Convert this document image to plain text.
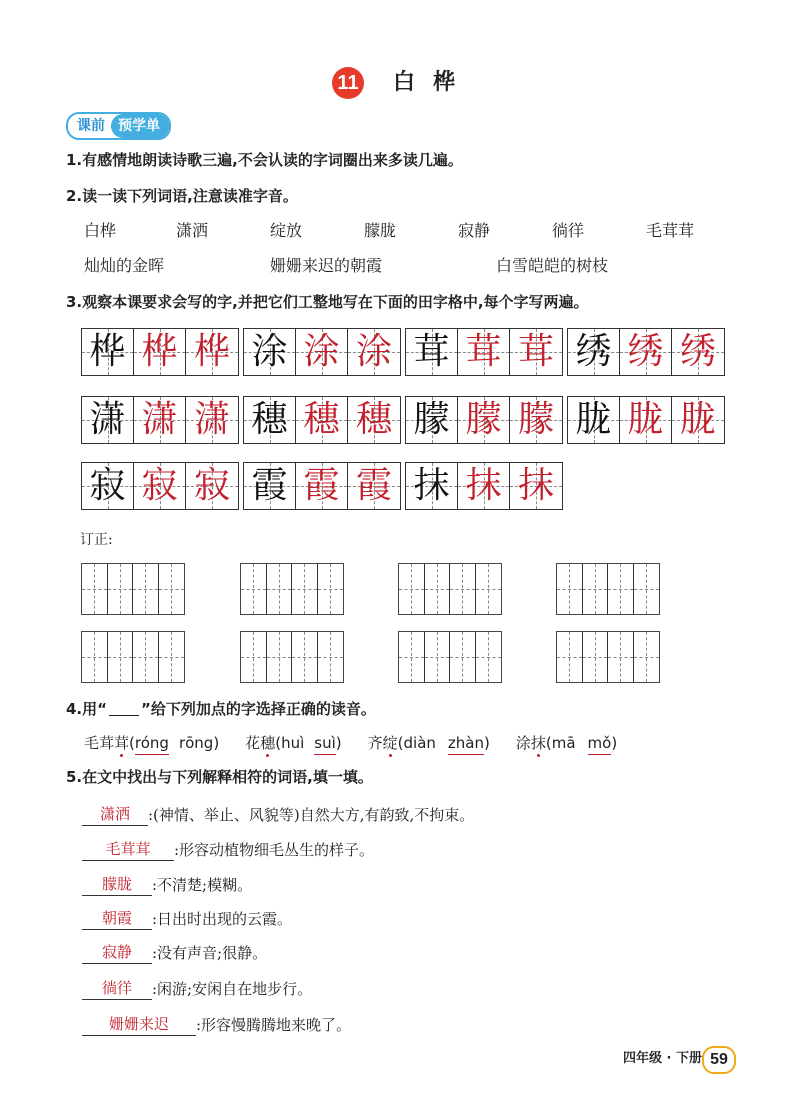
11 白桦
课前 预学单
1.有感情地朗读诗歌三遍,不会认读的字词圈出来多读几遍。
2.读一读下列词语,注意读准字音。
白桦	潇洒	绽放	朦胧	寂静	徜徉	毛茸茸
灿灿的金晖	姗姗来迟的朝霞	白雪皑皑的树枝
3.观察本课要求会写的字,并把它们工整地写在下面的田字格中,每个字写两遍。
桦 桦 桦 涂 涂 涂 茸 茸 茸 绣 绣 绣
潇 潇 潇 穗 穗 穗 朦 朦 朦 胧 胧 胧
寂 寂 寂 霞 霞 霞 抹 抹 抹
订正:
4.用“ ”给下列加点的字选择正确的读音。
毛茸茸 ( róng rōng ) 花穗 ( huì suì ) 齐绽 ( diàn zhàn ) 涂抹 ( mā mǒ )
5.在文中找出与下列解释相符的词语,填一填。
潇洒	:(神情、举止、风貌等)自然大方,有韵致,不拘束。
毛茸茸	:形容动植物细毛丛生的样子。
朦胧	:不清楚;模糊。
朝霞	:日出时出现的云霞。
寂静	:没有声音;很静。
徜徉	:闲游;安闲自在地步行。
姗姗来迟	:形容慢腾腾地来晚了。
四年级 · 下册 59
